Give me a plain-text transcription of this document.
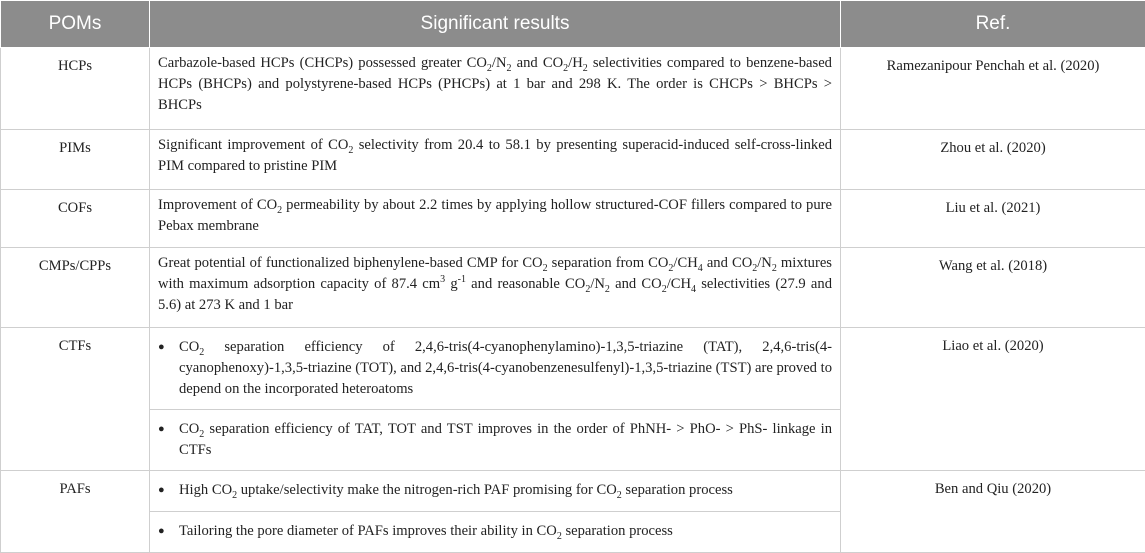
POMs	Significant results	Ref.
HCPs	Carbazole-based HCPs (CHCPs) possessed greater $CO_2/N_2$ and $CO_2/H_2$ selectivities compared to benzene-based HCPs (BHCPs) and polystyrene-based HCPs (PHCPs) at 1 bar and 298 K. The order is CHCPs > BHCPs > BHCPs	Ramezanipour Penchah et al. (2020)
PIMs	Significant improvement of $CO_2$ selectivity from 20.4 to 58.1 by presenting superacid-induced self-cross-linked PIM compared to pristine PIM	Zhou et al. (2020)
COFs	Improvement of $CO_2$ permeability by about 2.2 times by applying hollow structured-COF fillers compared to pure Pebax membrane	Liu et al. (2021)
CMPs/CPPs	Great potential of functionalized biphenylene-based CMP for $CO_2$ separation from $CO_2/CH_4$ and $CO_2/N_2$ mixtures with maximum adsorption capacity of 87.4 $cm^3$ $g^{-1}$ and reasonable $CO_2/N_2$ and $CO_2/CH_4$ selectivities (27.9 and 5.6) at 273 K and 1 bar	Wang et al. (2018)
CTFs	● $CO_2$ separation efficiency of 2,4,6-tris(4-cyanophenylamino)-1,3,5-triazine (TAT), 2,4,6-tris(4-cyanophenoxy)-1,3,5-triazine (TOT), and 2,4,6-tris(4-cyanobenzenesulfenyl)-1,3,5-triazine (TST) are proved to depend on the incorporated heteroatoms	Liao et al. (2020)

	● $CO_2$ separation efficiency of TAT, TOT and TST improves in the order of PhNH- > PhO- > PhS- linkage in CTFs	

PAFs	● High $CO_2$ uptake/selectivity make the nitrogen-rich PAF promising for $CO_2$ separation process	Ben and Qiu (2020)

	● Tailoring the pore diameter of PAFs improves their ability in $CO_2$ separation process	
